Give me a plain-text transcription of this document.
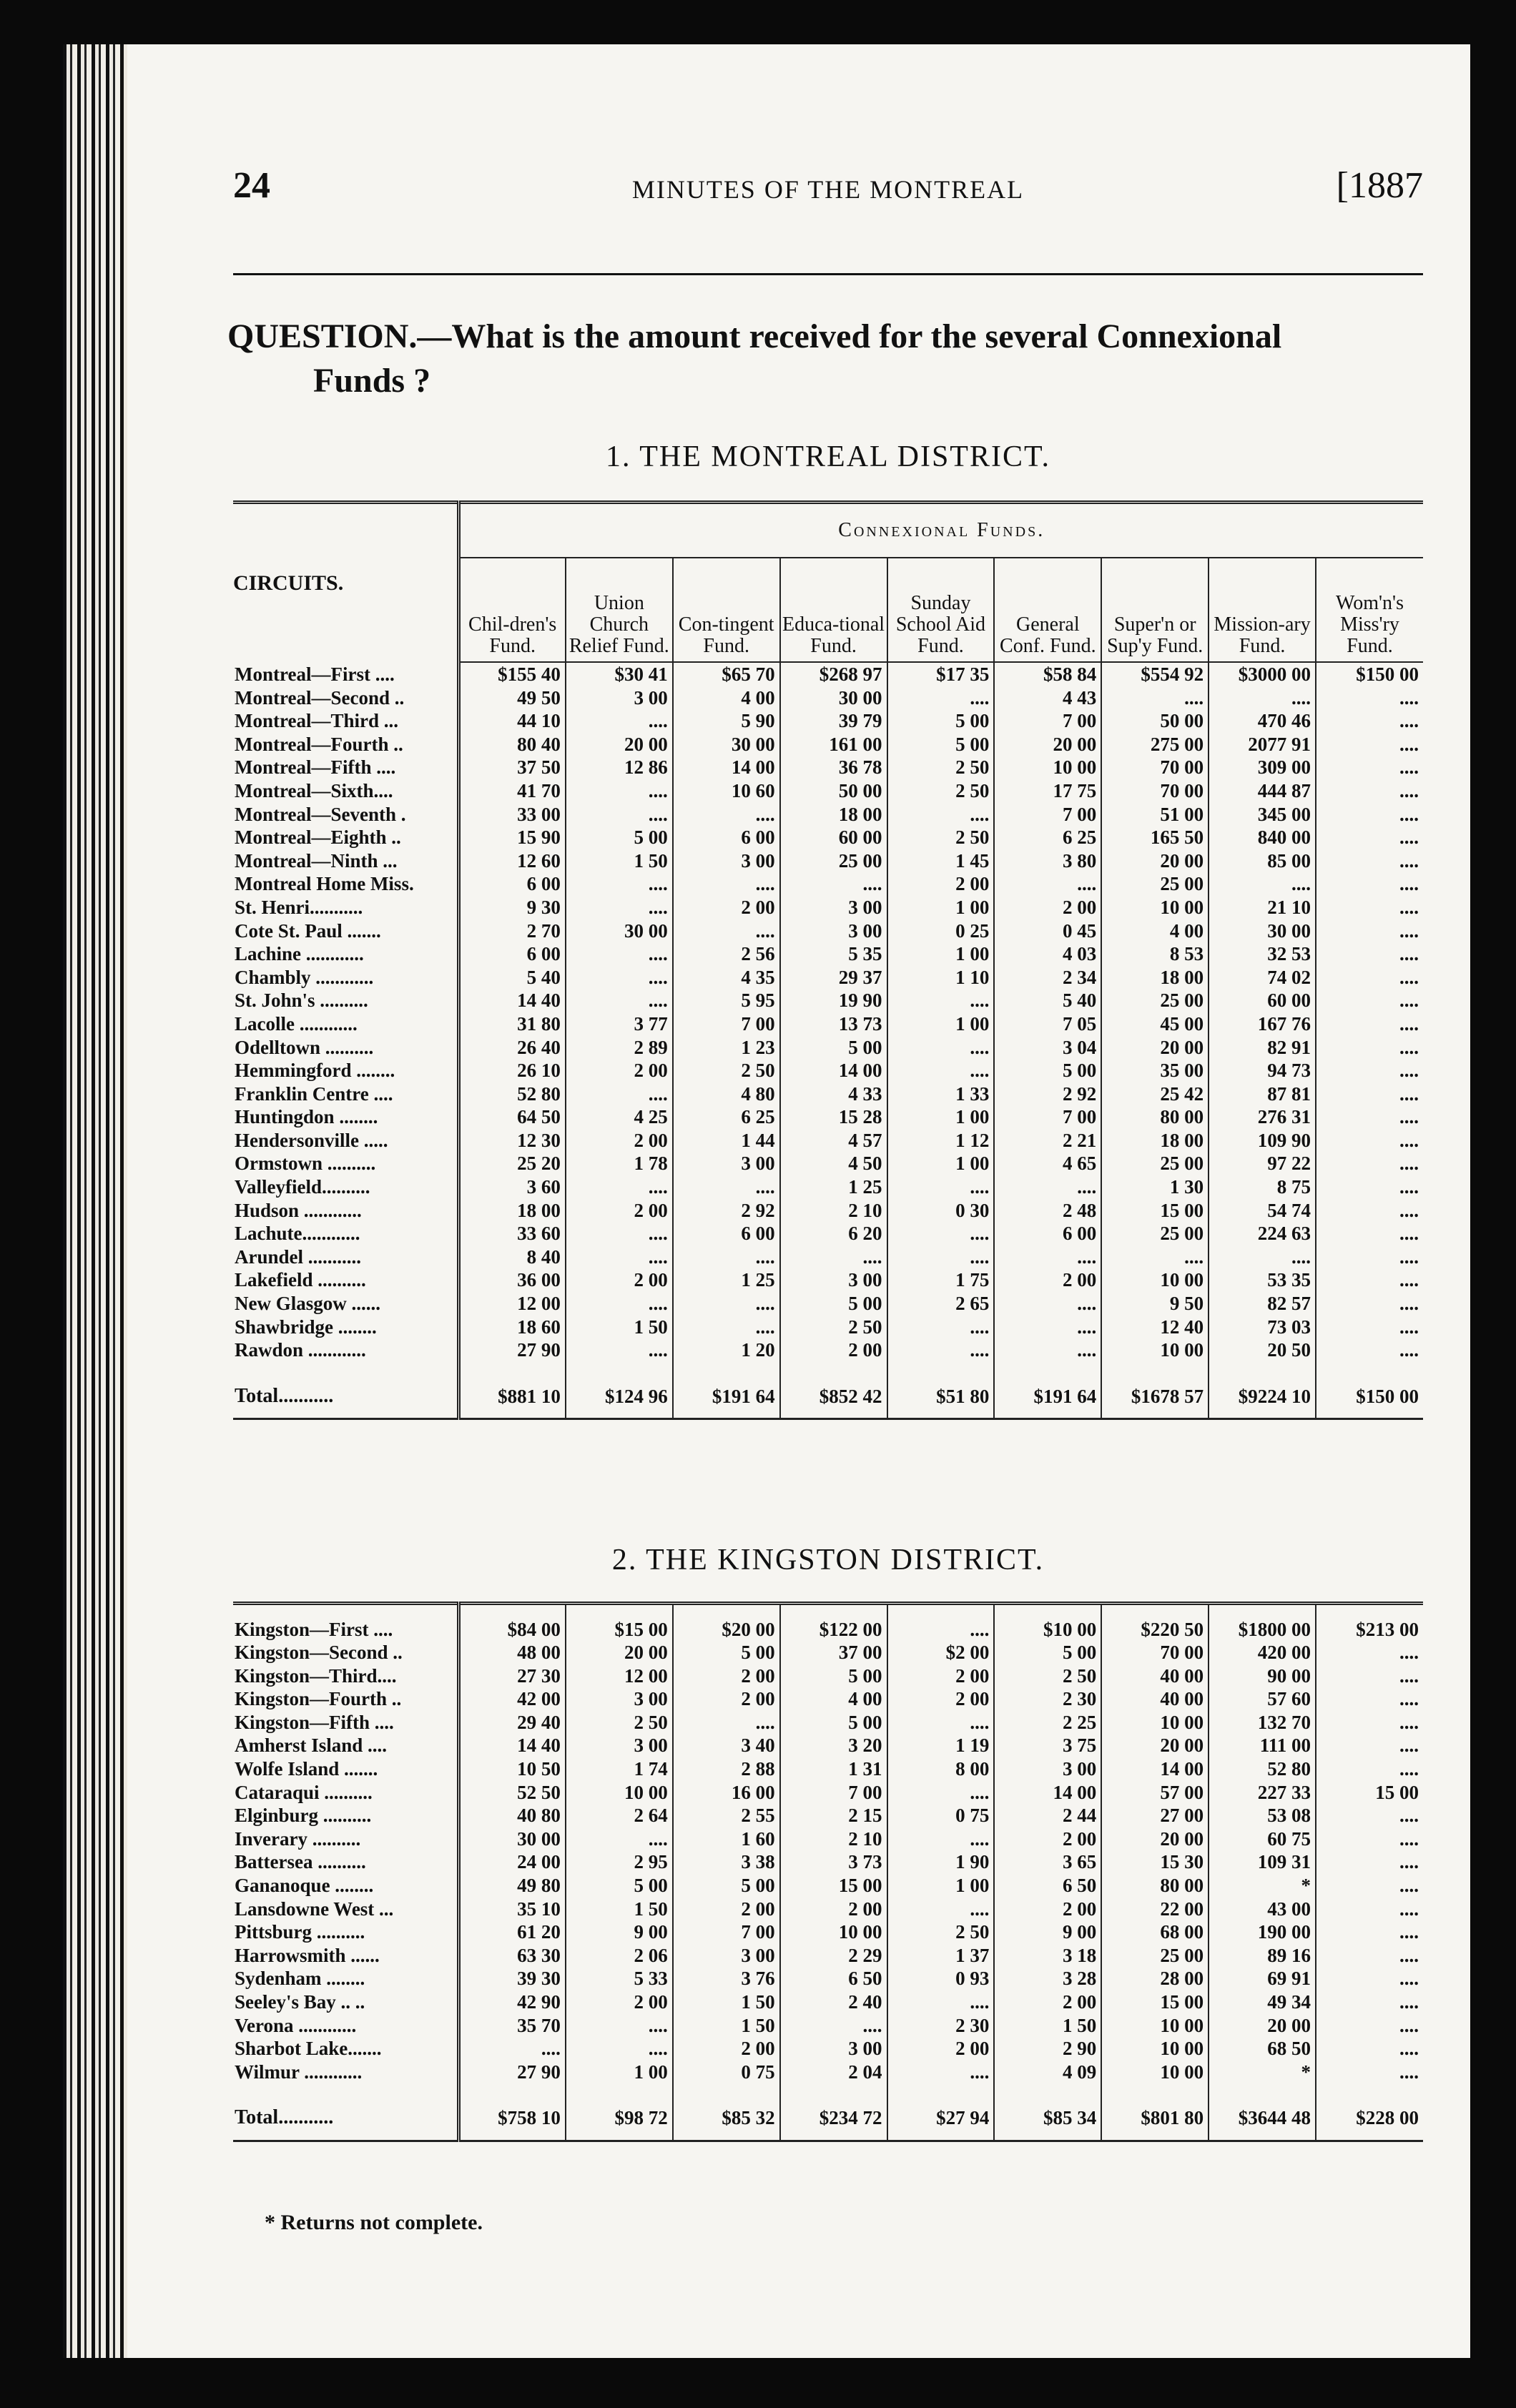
24	MINUTES OF THE MONTREAL	[1887
QUESTION.—What is the amount received for the several Connexional
Funds ?
1. THE MONTREAL DISTRICT.
CIRCUITS.	Connexional Funds.								
	Chil-dren's Fund.	Union Church Relief Fund.	Con-tingent Fund.	Educa-tional Fund.	Sunday School Aid Fund.	General Conf. Fund.	Super'n or Sup'y Fund.	Mission-ary Fund.	Wom'n's Miss'ry Fund.
Montreal—First ....	$155 40	$30 41	$65 70	$268 97	$17 35	$58 84	$554 92	$3000 00	$150 00
Montreal—Second ..	49 50	3 00	4 00	30 00	....	4 43	....	....	....
Montreal—Third ...	44 10	....	5 90	39 79	5 00	7 00	50 00	470 46	....
Montreal—Fourth ..	80 40	20 00	30 00	161 00	5 00	20 00	275 00	2077 91	....
Montreal—Fifth ....	37 50	12 86	14 00	36 78	2 50	10 00	70 00	309 00	....
Montreal—Sixth....	41 70	....	10 60	50 00	2 50	17 75	70 00	444 87	....
Montreal—Seventh .	33 00	....	....	18 00	....	7 00	51 00	345 00	....
Montreal—Eighth ..	15 90	5 00	6 00	60 00	2 50	6 25	165 50	840 00	....
Montreal—Ninth ...	12 60	1 50	3 00	25 00	1 45	3 80	20 00	85 00	....
Montreal Home Miss.	6 00	....	....	....	2 00	....	25 00	....	....
St. Henri...........	9 30	....	2 00	3 00	1 00	2 00	10 00	21 10	....
Cote St. Paul .......	2 70	30 00	....	3 00	0 25	0 45	4 00	30 00	....
Lachine ............	6 00	....	2 56	5 35	1 00	4 03	8 53	32 53	....
Chambly ............	5 40	....	4 35	29 37	1 10	2 34	18 00	74 02	....
St. John's ..........	14 40	....	5 95	19 90	....	5 40	25 00	60 00	....
Lacolle ............	31 80	3 77	7 00	13 73	1 00	7 05	45 00	167 76	....
Odelltown ..........	26 40	2 89	1 23	5 00	....	3 04	20 00	82 91	....
Hemmingford ........	26 10	2 00	2 50	14 00	....	5 00	35 00	94 73	....
Franklin Centre ....	52 80	....	4 80	4 33	1 33	2 92	25 42	87 81	....
Huntingdon ........	64 50	4 25	6 25	15 28	1 00	7 00	80 00	276 31	....
Hendersonville .....	12 30	2 00	1 44	4 57	1 12	2 21	18 00	109 90	....
Ormstown ..........	25 20	1 78	3 00	4 50	1 00	4 65	25 00	97 22	....
Valleyfield..........	3 60	....	....	1 25	....	....	1 30	8 75	....
Hudson ............	18 00	2 00	2 92	2 10	0 30	2 48	15 00	54 74	....
Lachute............	33 60	....	6 00	6 20	....	6 00	25 00	224 63	....
Arundel ...........	8 40	....	....	....	....	....	....	....	....
Lakefield ..........	36 00	2 00	1 25	3 00	1 75	2 00	10 00	53 35	....
New Glasgow ......	12 00	....	....	5 00	2 65	....	9 50	82 57	....
Shawbridge ........	18 60	1 50	....	2 50	....	....	12 40	73 03	....
Rawdon ............	27 90	....	1 20	2 00	....	....	10 00	20 50	....
Total...........	$881 10	$124 96	$191 64	$852 42	$51 80	$191 64	$1678 57	$9224 10	$150 00
2. THE KINGSTON DISTRICT.

Kingston—First ....	$84 00	$15 00	$20 00	$122 00	....	$10 00	$220 50	$1800 00	$213 00
Kingston—Second ..	48 00	20 00	5 00	37 00	$2 00	5 00	70 00	420 00	....
Kingston—Third....	27 30	12 00	2 00	5 00	2 00	2 50	40 00	90 00	....
Kingston—Fourth ..	42 00	3 00	2 00	4 00	2 00	2 30	40 00	57 60	....
Kingston—Fifth ....	29 40	2 50	....	5 00	....	2 25	10 00	132 70	....
Amherst Island ....	14 40	3 00	3 40	3 20	1 19	3 75	20 00	111 00	....
Wolfe Island .......	10 50	1 74	2 88	1 31	8 00	3 00	14 00	52 80	....
Cataraqui ..........	52 50	10 00	16 00	7 00	....	14 00	57 00	227 33	15 00
Elginburg ..........	40 80	2 64	2 55	2 15	0 75	2 44	27 00	53 08	....
Inverary ..........	30 00	....	1 60	2 10	....	2 00	20 00	60 75	....
Battersea ..........	24 00	2 95	3 38	3 73	1 90	3 65	15 30	109 31	....
Gananoque ........	49 80	5 00	5 00	15 00	1 00	6 50	80 00	*	....
Lansdowne West ...	35 10	1 50	2 00	2 00	....	2 00	22 00	43 00	....
Pittsburg ..........	61 20	9 00	7 00	10 00	2 50	9 00	68 00	190 00	....
Harrowsmith ......	63 30	2 06	3 00	2 29	1 37	3 18	25 00	89 16	....
Sydenham ........	39 30	5 33	3 76	6 50	0 93	3 28	28 00	69 91	....
Seeley's Bay .. ..	42 90	2 00	1 50	2 40	....	2 00	15 00	49 34	....
Verona ............	35 70	....	1 50	....	2 30	1 50	10 00	20 00	....
Sharbot Lake.......	....	....	2 00	3 00	2 00	2 90	10 00	68 50	....
Wilmur ............	27 90	1 00	0 75	2 04	....	4 09	10 00	*	....
Total...........	$758 10	$98 72	$85 32	$234 72	$27 94	$85 34	$801 80	$3644 48	$228 00
* Returns not complete.
